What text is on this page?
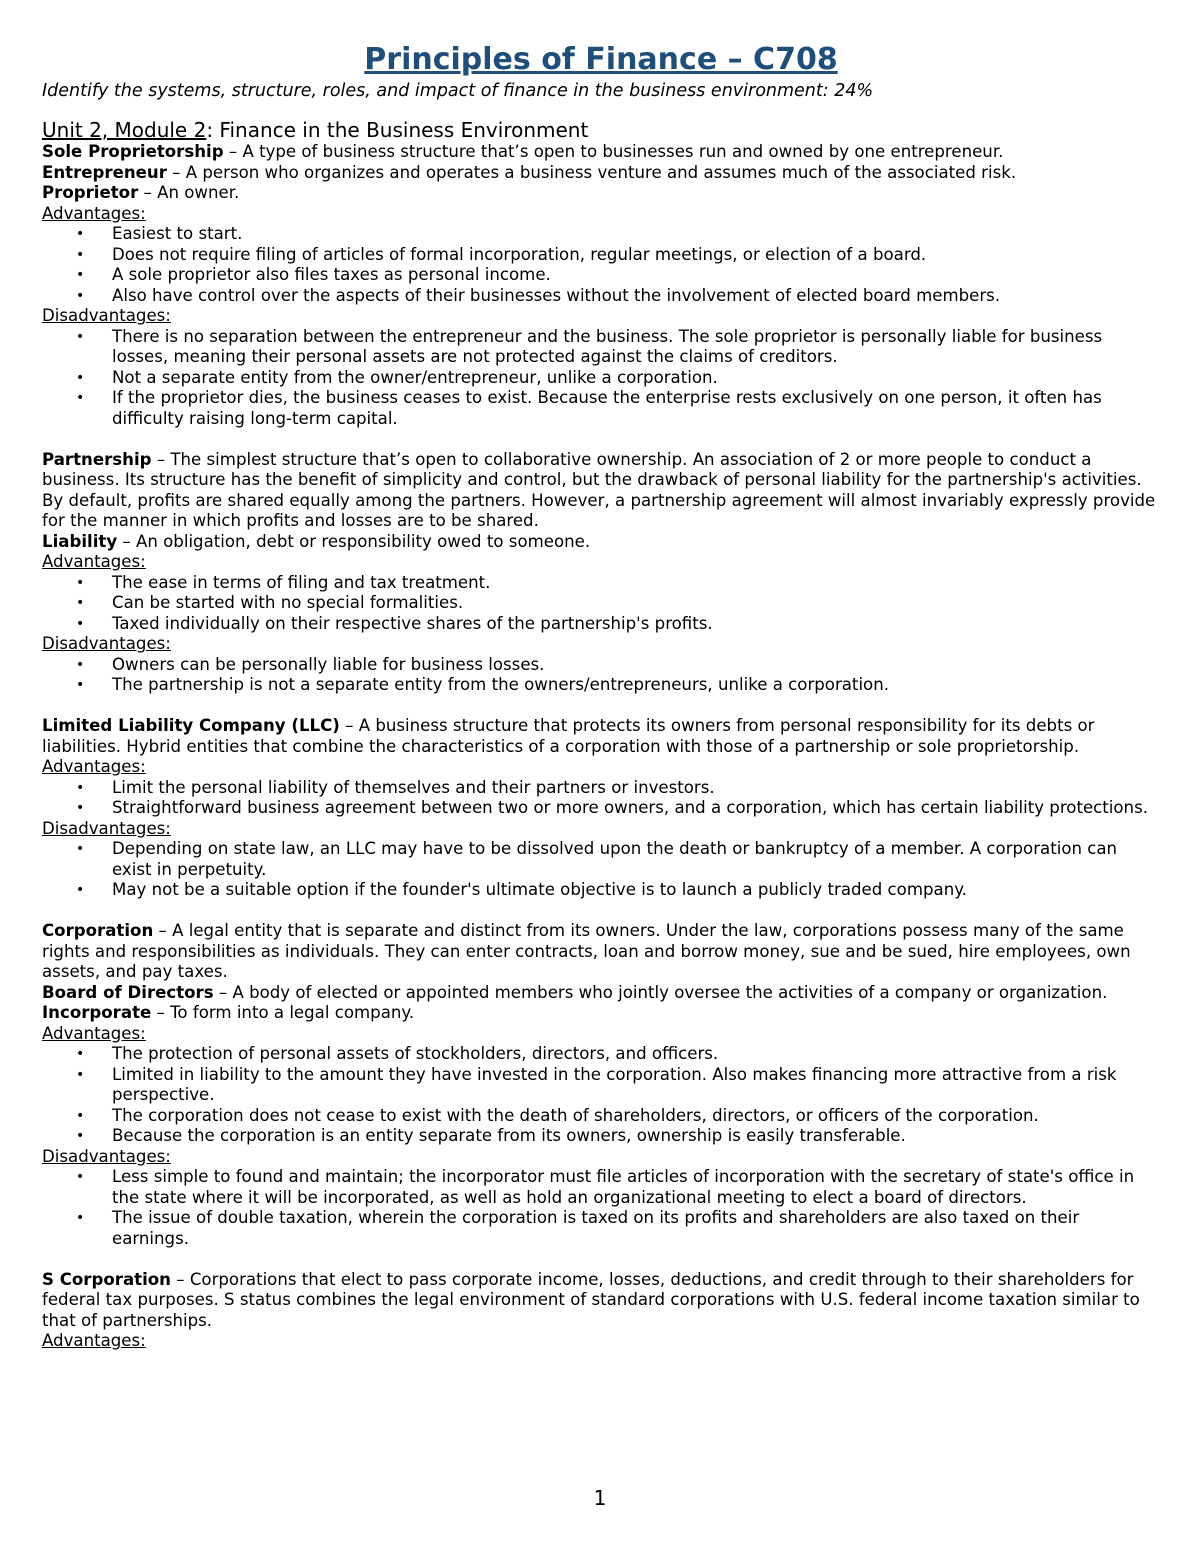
Principles of Finance – C708

Identify the systems, structure, roles, and impact of finance in the business environment: 24%

Unit 2, Module 2: Finance in the Business Environment

Sole Proprietorship – A type of business structure that’s open to businesses run and owned by one entrepreneur.

Entrepreneur – A person who organizes and operates a business venture and assumes much of the associated risk.

Proprietor – An owner.

Advantages:

• Easiest to start.
• Does not require filing of articles of formal incorporation, regular meetings, or election of a board.
• A sole proprietor also files taxes as personal income.
• Also have control over the aspects of their businesses without the involvement of elected board members.

Disadvantages:

• There is no separation between the entrepreneur and the business. The sole proprietor is personally liable for business losses, meaning their personal assets are not protected against the claims of creditors.
• Not a separate entity from the owner/entrepreneur, unlike a corporation.
• If the proprietor dies, the business ceases to exist. Because the enterprise rests exclusively on one person, it often has difficulty raising long-term capital.

Partnership – The simplest structure that’s open to collaborative ownership. An association of 2 or more people to conduct a business. Its structure has the benefit of simplicity and control, but the drawback of personal liability for the partnership's activities.

By default, profits are shared equally among the partners. However, a partnership agreement will almost invariably expressly provide for the manner in which profits and losses are to be shared.

Liability – An obligation, debt or responsibility owed to someone.

Advantages:

• The ease in terms of filing and tax treatment.
• Can be started with no special formalities.
• Taxed individually on their respective shares of the partnership's profits.

Disadvantages:

• Owners can be personally liable for business losses.
• The partnership is not a separate entity from the owners/entrepreneurs, unlike a corporation.

Limited Liability Company (LLC) – A business structure that protects its owners from personal responsibility for its debts or liabilities. Hybrid entities that combine the characteristics of a corporation with those of a partnership or sole proprietorship.

Advantages:

• Limit the personal liability of themselves and their partners or investors.
• Straightforward business agreement between two or more owners, and a corporation, which has certain liability protections.

Disadvantages:

• Depending on state law, an LLC may have to be dissolved upon the death or bankruptcy of a member. A corporation can exist in perpetuity.
• May not be a suitable option if the founder's ultimate objective is to launch a publicly traded company.

Corporation – A legal entity that is separate and distinct from its owners. Under the law, corporations possess many of the same rights and responsibilities as individuals. They can enter contracts, loan and borrow money, sue and be sued, hire employees, own assets, and pay taxes.

Board of Directors – A body of elected or appointed members who jointly oversee the activities of a company or organization.

Incorporate – To form into a legal company.

Advantages:

• The protection of personal assets of stockholders, directors, and officers.
• Limited in liability to the amount they have invested in the corporation. Also makes financing more attractive from a risk perspective.
• The corporation does not cease to exist with the death of shareholders, directors, or officers of the corporation.
• Because the corporation is an entity separate from its owners, ownership is easily transferable.

Disadvantages:

• Less simple to found and maintain; the incorporator must file articles of incorporation with the secretary of state's office in the state where it will be incorporated, as well as hold an organizational meeting to elect a board of directors.
• The issue of double taxation, wherein the corporation is taxed on its profits and shareholders are also taxed on their earnings.

S Corporation – Corporations that elect to pass corporate income, losses, deductions, and credit through to their shareholders for federal tax purposes. S status combines the legal environment of standard corporations with U.S. federal income taxation similar to that of partnerships.

Advantages:

1
